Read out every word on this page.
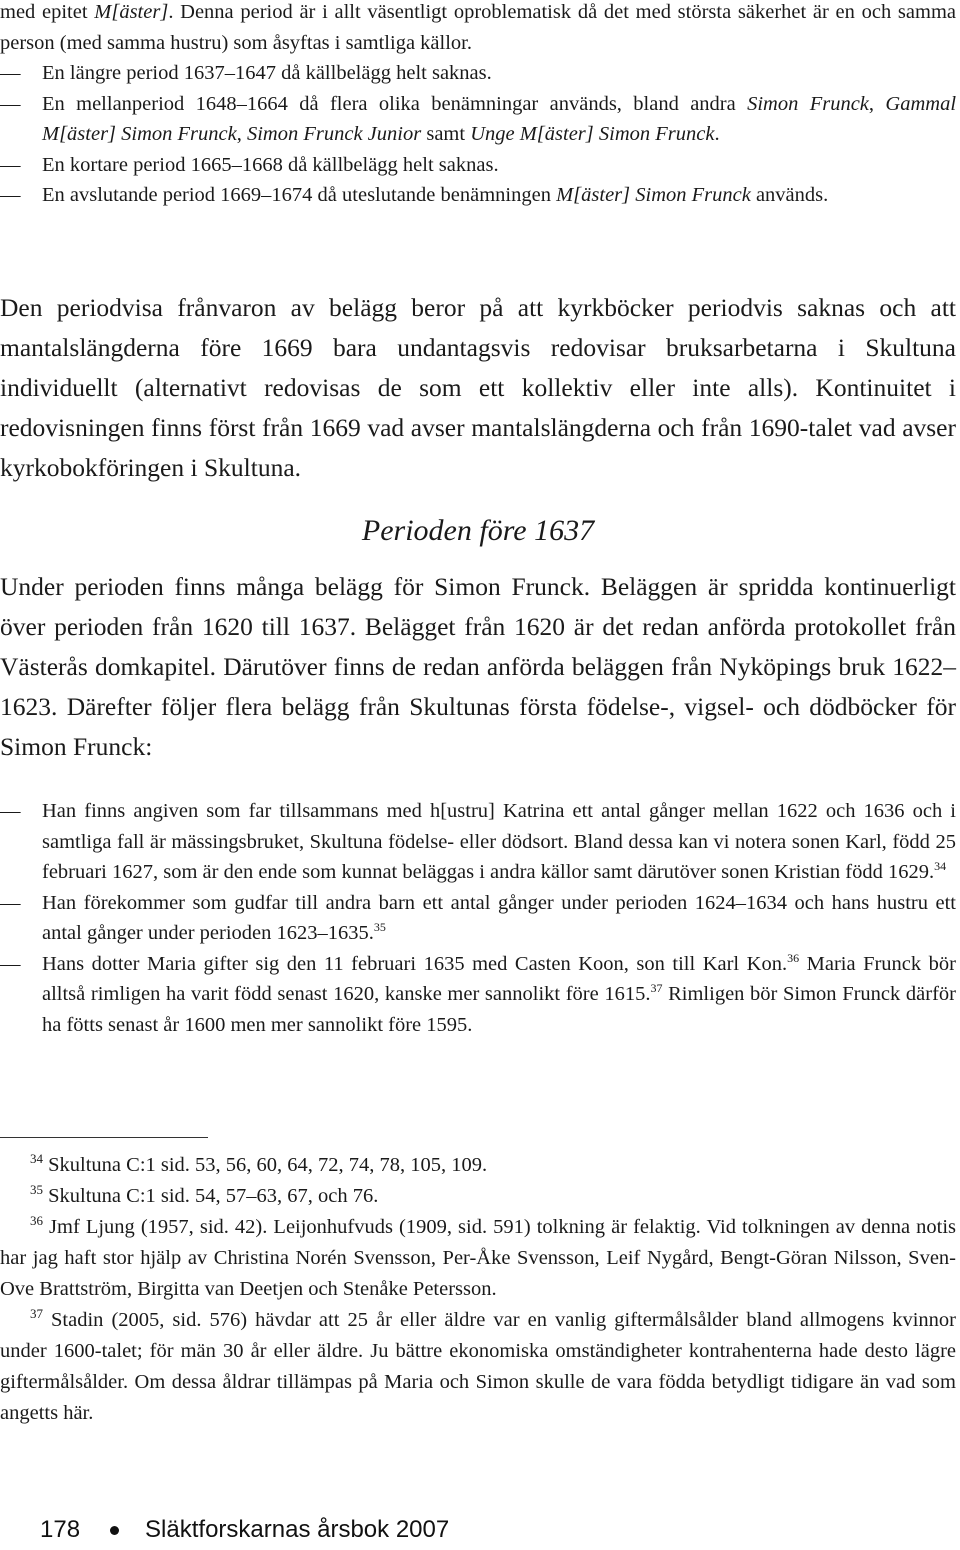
med epitet M[äster]. Denna period är i allt väsentligt oproblematisk då det med största säkerhet är en och samma person (med samma hustru) som åsyftas i samtliga källor.

— En längre period 1637–1647 då källbelägg helt saknas.

— En mellanperiod 1648–1664 då flera olika benämningar används, bland andra Simon Frunck, Gammal M[äster] Simon Frunck, Simon Frunck Junior samt Unge M[äster] Simon Frunck.

— En kortare period 1665–1668 då källbelägg helt saknas.

— En avslutande period 1669–1674 då uteslutande benämningen M[äster] Simon Frunck används.

Den periodvisa frånvaron av belägg beror på att kyrkböcker periodvis saknas och att mantalslängderna före 1669 bara undantagsvis redovisar bruksarbetarna i Skultuna individuellt (alternativt redovisas de som ett kollektiv eller inte alls). Kontinuitet i redovisningen finns först från 1669 vad avser mantalslängderna och från 1690-talet vad avser kyrkobokföringen i Skultuna.

Perioden före 1637

Under perioden finns många belägg för Simon Frunck. Beläggen är spridda kontinuerligt över perioden från 1620 till 1637. Belägget från 1620 är det redan anförda protokollet från Västerås domkapitel. Därutöver finns de redan anförda beläggen från Nyköpings bruk 1622–1623. Därefter följer flera belägg från Skultunas första födelse-, vigsel- och dödböcker för Simon Frunck:

— Han finns angiven som far tillsammans med h[ustru] Katrina ett antal gånger mellan 1622 och 1636 och i samtliga fall är mässingsbruket, Skultuna födelse- eller dödsort. Bland dessa kan vi notera sonen Karl, född 25 februari 1627, som är den ende som kunnat beläggas i andra källor samt därutöver sonen Kristian född 1629.34

— Han förekommer som gudfar till andra barn ett antal gånger under perioden 1624–1634 och hans hustru ett antal gånger under perioden 1623–1635.35

— Hans dotter Maria gifter sig den 11 februari 1635 med Casten Koon, son till Karl Kon.$^{36}$ Maria Frunck bör alltså rimligen ha varit född senast 1620, kanske mer sannolikt före 1615.37 Rimligen bör Simon Frunck därför ha fötts senast år 1600 men mer sannolikt före 1595.

$^{34}$ Skultuna C:1 sid. 53, 56, 60, 64, 72, 74, 78, 105, 109.

$^{35}$ Skultuna C:1 sid. 54, 57–63, 67, och 76.

$^{36}$ Jmf Ljung (1957, sid. 42). Leijonhufvuds (1909, sid. 591) tolkning är felaktig. Vid tolkningen av denna notis har jag haft stor hjälp av Christina Norén Svensson, Per-Åke Svensson, Leif Nygård, Bengt-Göran Nilsson, Sven-Ove Brattström, Birgitta van Deetjen och Stenåke Petersson.

$^{37}$ Stadin (2005, sid. 576) hävdar att 25 år eller äldre var en vanlig giftermålsålder bland allmogens kvinnor under 1600-talet; för män 30 år eller äldre. Ju bättre ekonomiska omständigheter kontrahenterna hade desto lägre giftermålsålder. Om dessa åldrar tillämpas på Maria och Simon skulle de vara födda betydligt tidigare än vad som angetts här.

178	Släktforskarnas årsbok 2007
